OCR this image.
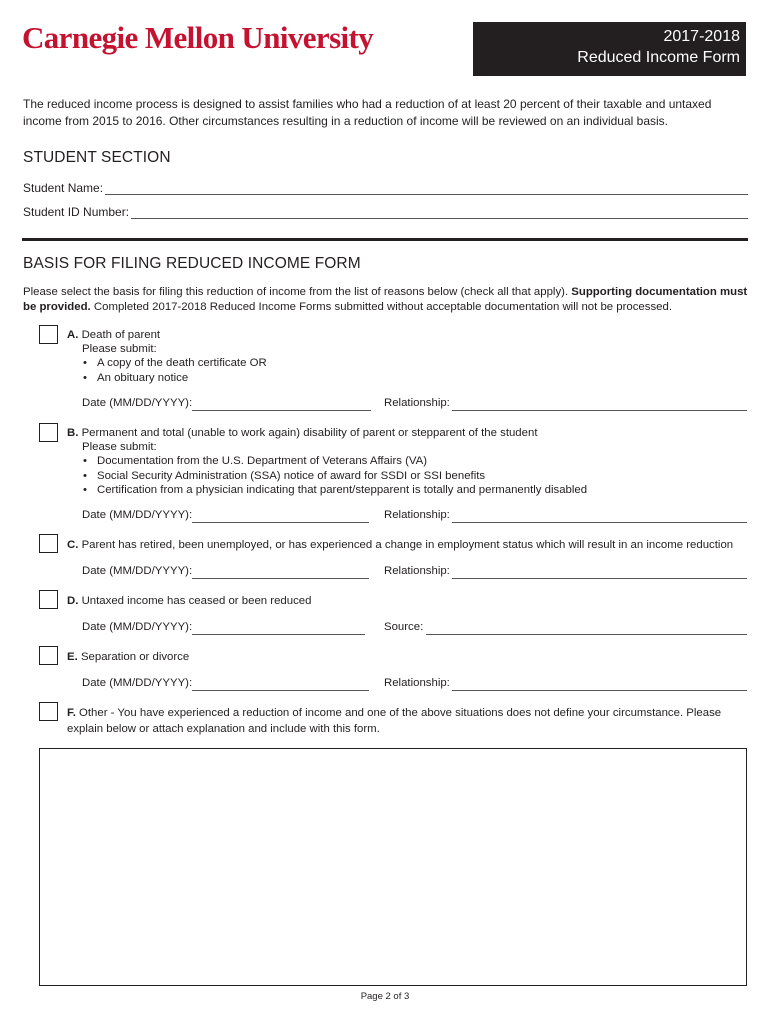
Carnegie Mellon University	2017-2018
Reduced Income Form
The reduced income process is designed to assist families who had a reduction of at least 20 percent of their taxable and untaxed income from 2015 to 2016. Other circumstances resulting in a reduction of income will be reviewed on an individual basis.
STUDENT SECTION
Student Name:
Student ID Number:
BASIS FOR FILING REDUCED INCOME FORM
Please select the basis for filing this reduction of income from the list of reasons below (check all that apply). Supporting documentation must be provided. Completed 2017-2018 Reduced Income Forms submitted without acceptable documentation will not be processed.
A. Death of parent
Please submit:
• A copy of the death certificate OR
• An obituary notice
Date (MM/DD/YYYY):	Relationship:
B. Permanent and total (unable to work again) disability of parent or stepparent of the student
Please submit:
• Documentation from the U.S. Department of Veterans Affairs (VA)
• Social Security Administration (SSA) notice of award for SSDI or SSI benefits
• Certification from a physician indicating that parent/stepparent is totally and permanently disabled
Date (MM/DD/YYYY):	Relationship:
C. Parent has retired, been unemployed, or has experienced a change in employment status which will result in an income reduction
Date (MM/DD/YYYY):	Relationship:
D. Untaxed income has ceased or been reduced
Date (MM/DD/YYYY):	Source:
E. Separation or divorce
Date (MM/DD/YYYY):	Relationship:
F. Other - You have experienced a reduction of income and one of the above situations does not define your circumstance. Please explain below or attach explanation and include with this form.
Page 2 of 3
